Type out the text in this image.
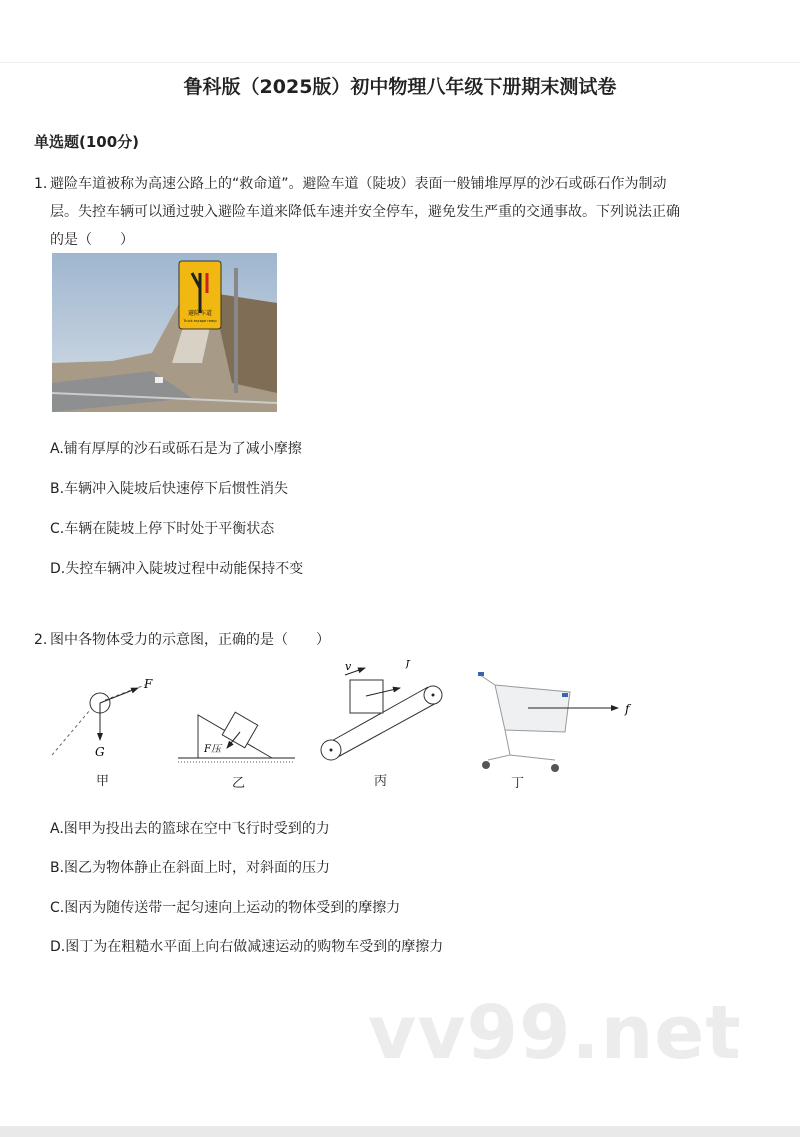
鲁科版（2025版）初中物理八年级下册期末测试卷
单选题(100分)
1. 避险车道被称为高速公路上的“救命道”。避险车道（陡坡）表面一般铺堆厚厚的沙石或砾石作为制动
层。失控车辆可以通过驶入避险车道来降低车速并安全停车，避免发生严重的交通事故。下列说法正确
的是（　　）
避险车道
Truck escape ramp
A.铺有厚厚的沙石或砾石是为了减小摩擦
B.车辆冲入陡坡后快速停下后惯性消失
C.车辆在陡坡上停下时处于平衡状态
D.失控车辆冲入陡坡过程中动能保持不变
2. 图中各物体受力的示意图，正确的是（　　）
F
G	F压
v	f
f
甲	乙	丙	丁
A.图甲为投出去的篮球在空中飞行时受到的力
B.图乙为物体静止在斜面上时，对斜面的压力
C.图丙为随传送带一起匀速向上运动的物体受到的摩擦力
D.图丁为在粗糙水平面上向右做减速运动的购物车受到的摩擦力
vv99.net
